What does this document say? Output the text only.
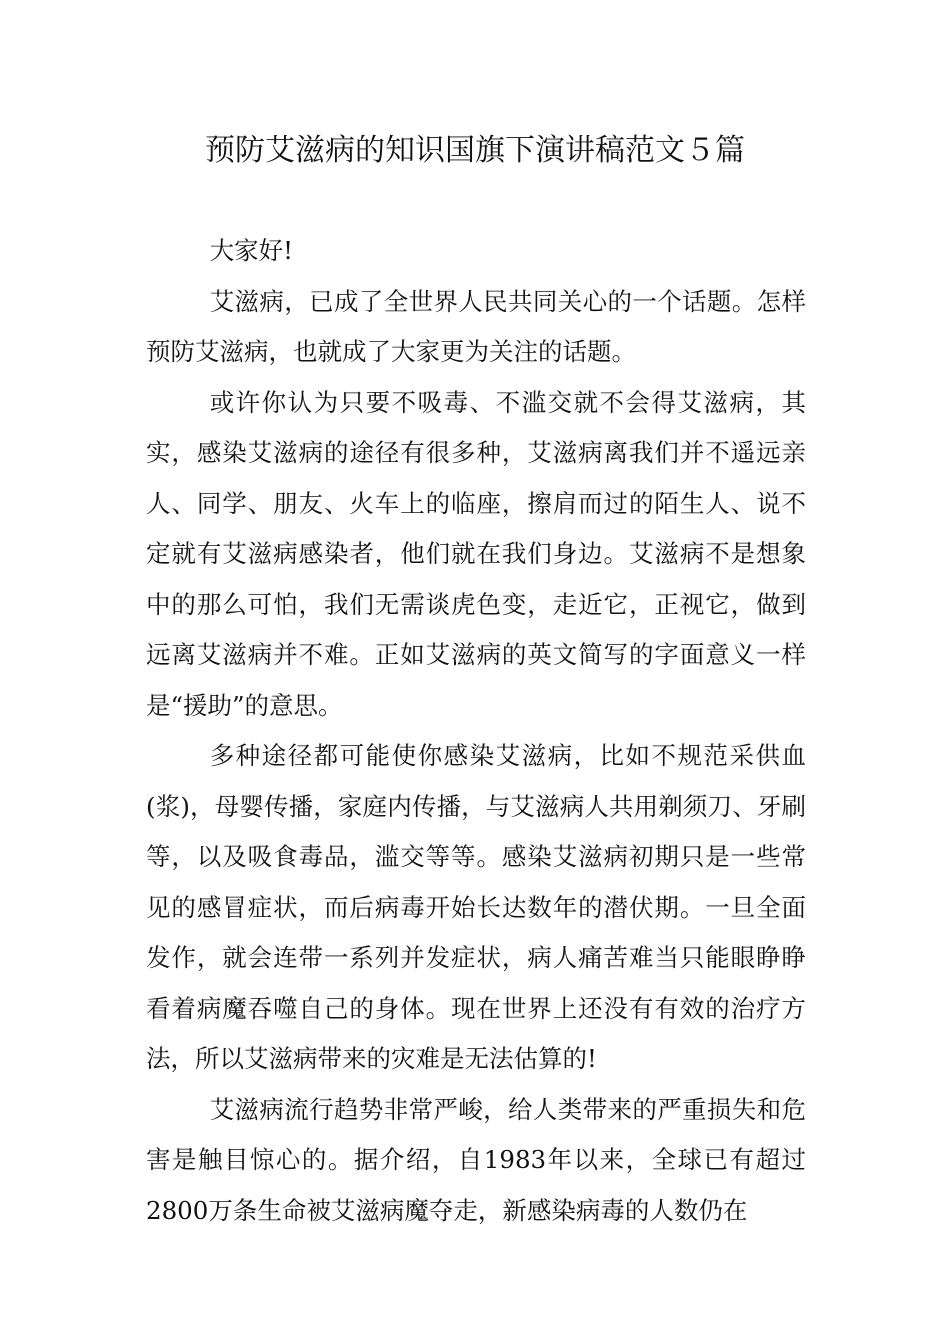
预防艾滋病的知识国旗下演讲稿范文５篇

大家好!

艾滋病，已成了全世界人民共同关心的一个话题。怎样预防艾滋病，也就成了大家更为关注的话题。

或许你认为只要不吸毒、不滥交就不会得艾滋病，其实，感染艾滋病的途径有很多种，艾滋病离我们并不遥远亲人、同学、朋友、火车上的临座，擦肩而过的陌生人、说不定就有艾滋病感染者，他们就在我们身边。艾滋病不是想象中的那么可怕，我们无需谈虎色变，走近它，正视它，做到远离艾滋病并不难。正如艾滋病的英文简写的字面意义一样是“援助”的意思。

多种途径都可能使你感染艾滋病，比如不规范采供血(浆)，母婴传播，家庭内传播，与艾滋病人共用剃须刀、牙刷等，以及吸食毒品，滥交等等。感染艾滋病初期只是一些常见的感冒症状，而后病毒开始长达数年的潜伏期。一旦全面发作，就会连带一系列并发症状，病人痛苦难当只能眼睁睁看着病魔吞噬自己的身体。现在世界上还没有有效的治疗方法，所以艾滋病带来的灾难是无法估算的!

艾滋病流行趋势非常严峻，给人类带来的严重损失和危害是触目惊心的。据介绍，自1983年以来，全球已有超过2800万条生命被艾滋病魔夺走，新感染病毒的人数仍在
